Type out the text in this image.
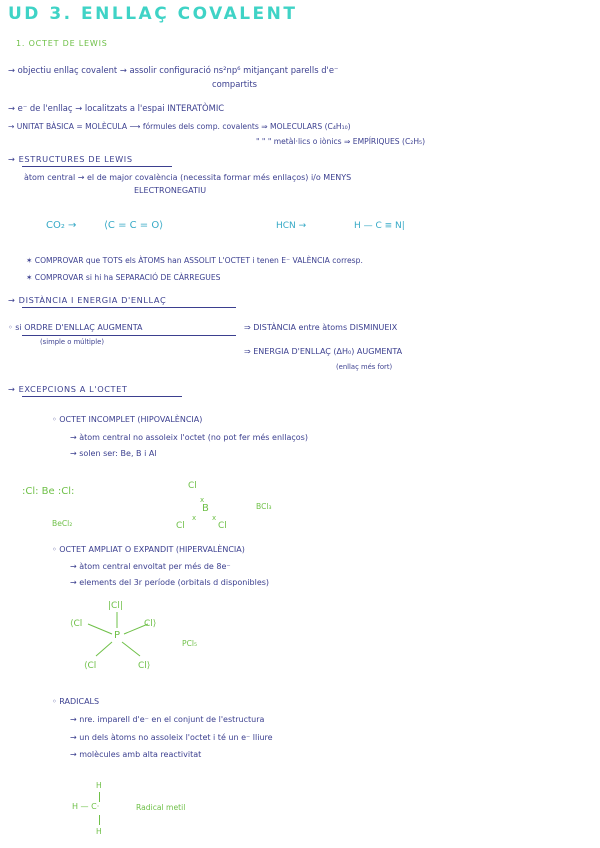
UD 3. ENLLAÇ COVALENT
1. OCTET DE LEWIS
→ objectiu enllaç covalent → assolir configuració ns²np⁶ mitjançant parells d'e⁻
compartits
→ e⁻ de l'enllaç → localitzats a l'espai INTERATÒMIC
→ UNITAT BÀSICA = MOLÈCULA ⟶ fórmules dels comp. covalents ⇒ MOLECULARS (C₄H₁₀)
" " " metàl·lics o iònics ⇒ EMPÍRIQUES (C₂H₅)
→ ESTRUCTURES DE LEWIS
àtom central → el de major covalència (necessita formar més enllaços) i/o MENYS
ELECTRONEGATIU
CO₂ →	⟨C = C = O⟩	HCN →	H — C ≡ N|
✶ COMPROVAR que TOTS els ÀTOMS han ASSOLIT L'OCTET i tenen E⁻ VALÈNCIA corresp.
✶ COMPROVAR si hi ha SEPARACIÓ DE CÀRREGUES
→ DISTÀNCIA I ENERGIA D'ENLLAÇ
◦ si ORDRE D'ENLLAÇ AUGMENTA
(simple o múltiple)
⇒ DISTÀNCIA entre àtoms DISMINUEIX
⇒ ENERGIA D'ENLLAÇ (ΔH₀) AUGMENTA
(enllaç més fort)
→ EXCEPCIONS A L'OCTET
◦ OCTET INCOMPLET (HIPOVALÈNCIA)
→ àtom central no assoleix l'octet (no pot fer més enllaços)
→ solen ser: Be, B i Al
:Cl: Be :Cl:
BeCl₂
Cl
Cl	Cl
x
x x
B	BCl₃
◦ OCTET AMPLIAT O EXPANDIT (HIPERVALÈNCIA)
→ àtom central envoltat per més de 8e⁻
→ elements del 3r període (orbitals d disponibles)
|Cl|
⟨Cl	Cl⟩
⟨Cl	Cl⟩
P
PCl₅
◦ RADICALS
→ nre. imparell d'e⁻ en el conjunt de l'estructura
→ un dels àtoms no assoleix l'octet i té un e⁻ lliure
→ molècules amb alta reactivitat
H
H — C·
H
Radical metil
